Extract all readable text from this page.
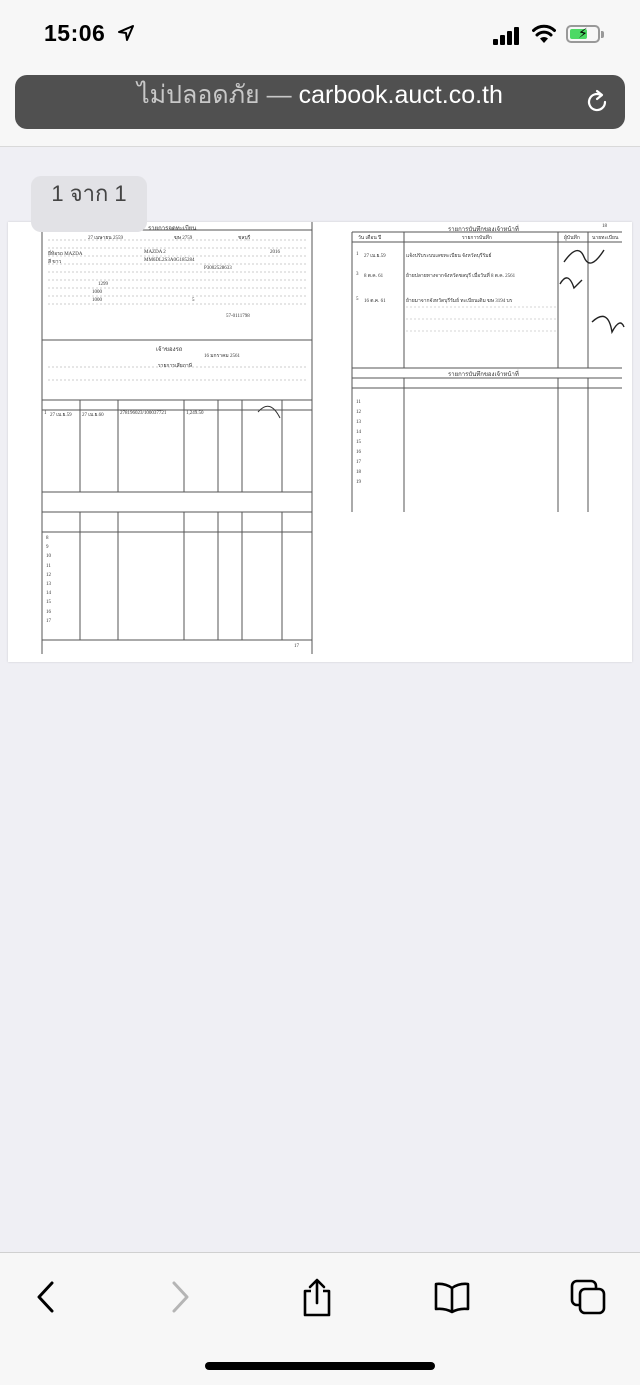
15:06	⚡
ไม่ปลอดภัย — carbook.auct.co.th
รายการจดทะเบียน
27 เมษายน 2559	ฆษ 2759	ชลบุรี
ยี่ห้อรถ MAZDA	MAZDA 2	2016
สี ขาว	MM6DL2S3A0G185284
P3002528633
1299
1000
1000	5
57-0111798
เจ้าของรถ
16 มกราคม 2561
รายการเสียภาษี
1 27 เม.ย.59 27 เม.ย.60	278196023/100037721	1,249.50
8
9
10
11
12
13
14
15
16
17
17
รายการบันทึกของเจ้าหน้าที่
18
วัน เดือน ปี	รายการบันทึก	ผู้บันทึก นายทะเบียน
1 27 เม.ย.59	แจ้งปรับระบบเลขทะเบียน จังหวัดบุรีรัมย์
3 8 ต.ค. 61	ย้ายปลายทางจากจังหวัดชลบุรี เมื่อวันที่ 8 ต.ค. 2561
5 16 ต.ค. 61	ย้ายมาจากจังหวัดบุรีรัมย์ ทะเบียนเดิม ฆษ 3194 บร
รายการบันทึกของเจ้าหน้าที่
11
12
13
14
15
16
17
18
19
1 จาก 1
